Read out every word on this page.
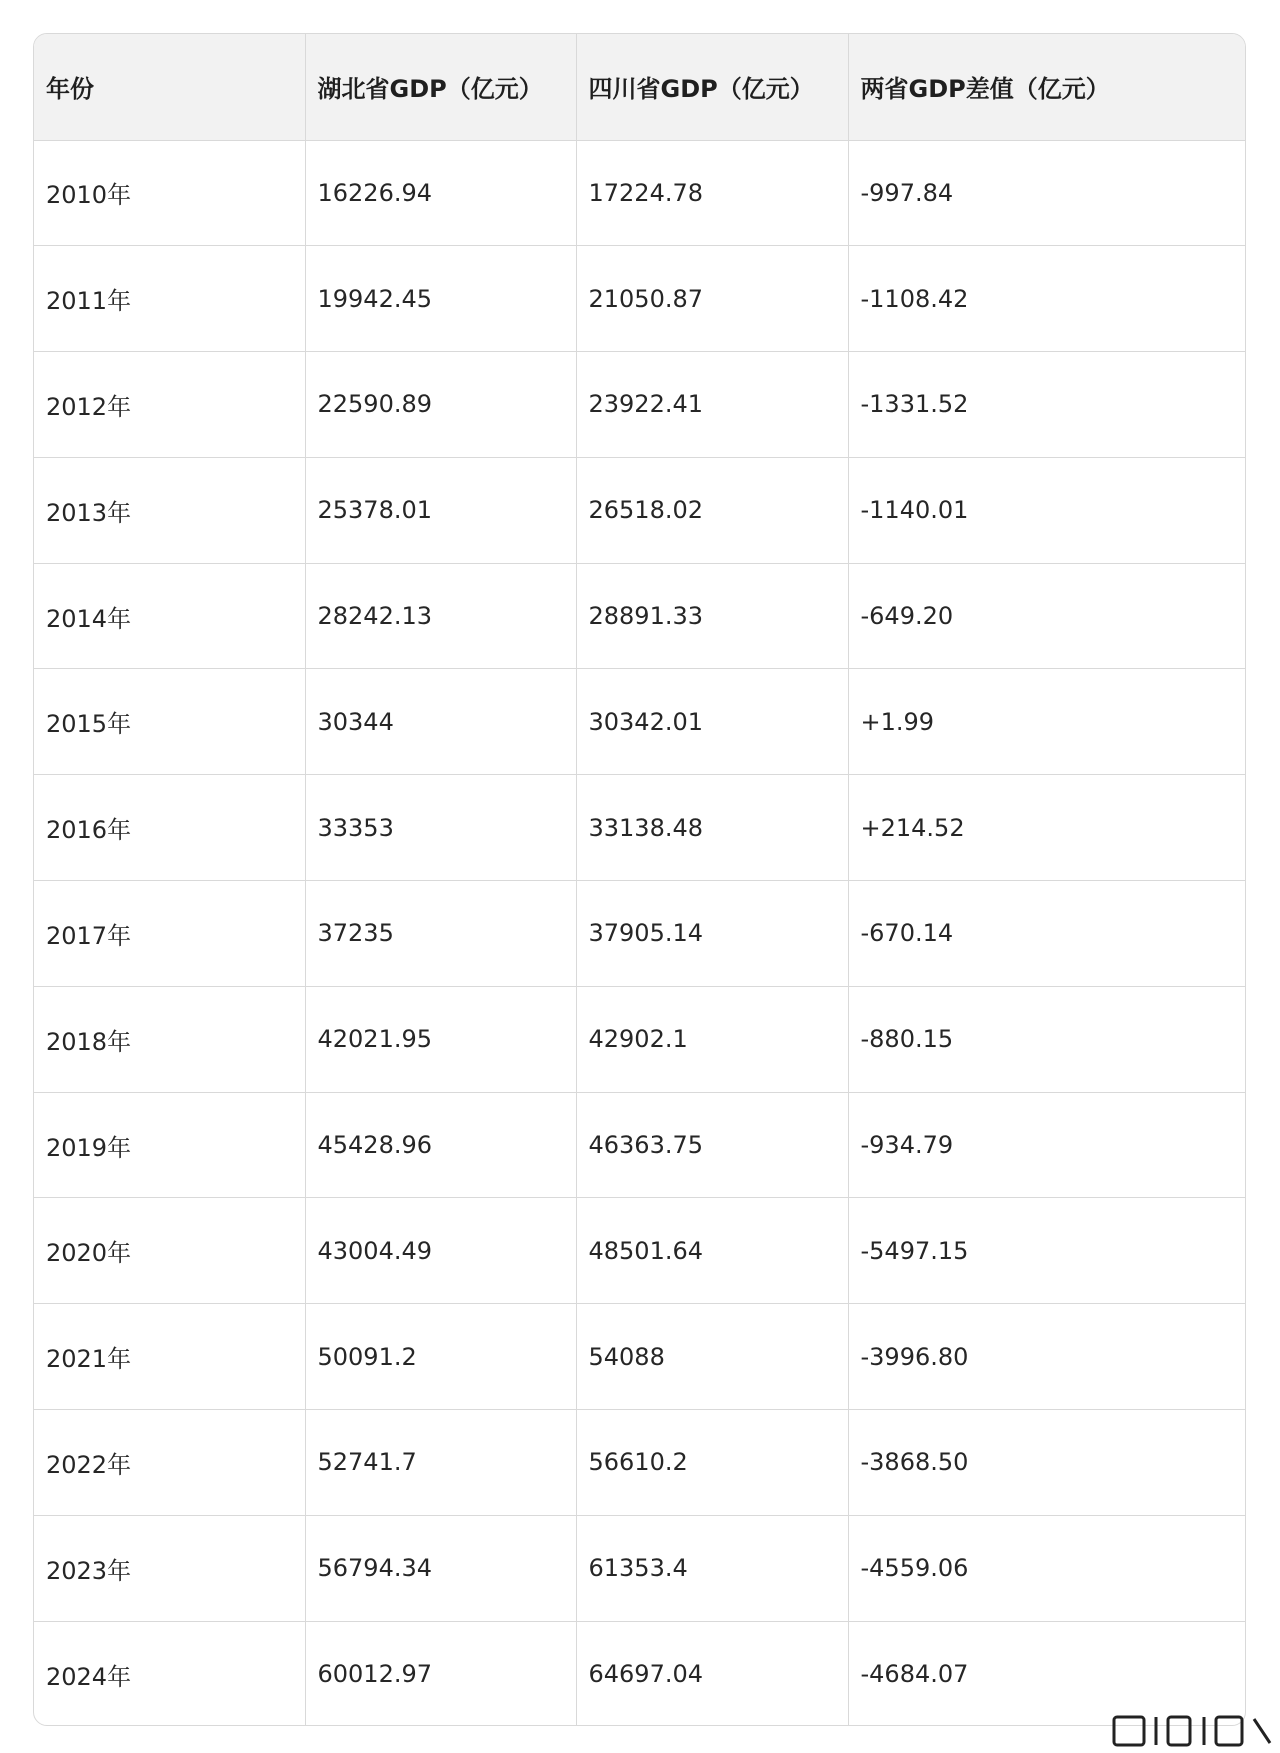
年份	湖北省GDP（亿元）	四川省GDP（亿元）	两省GDP差值（亿元）
2010年	16226.94	17224.78	-997.84
2011年	19942.45	21050.87	-1108.42
2012年	22590.89	23922.41	-1331.52
2013年	25378.01	26518.02	-1140.01
2014年	28242.13	28891.33	-649.20
2015年	30344	30342.01	+1.99
2016年	33353	33138.48	+214.52
2017年	37235	37905.14	-670.14
2018年	42021.95	42902.1	-880.15
2019年	45428.96	46363.75	-934.79
2020年	43004.49	48501.64	-5497.15
2021年	50091.2	54088	-3996.80
2022年	52741.7	56610.2	-3868.50
2023年	56794.34	61353.4	-4559.06
2024年	60012.97	64697.04	-4684.07
